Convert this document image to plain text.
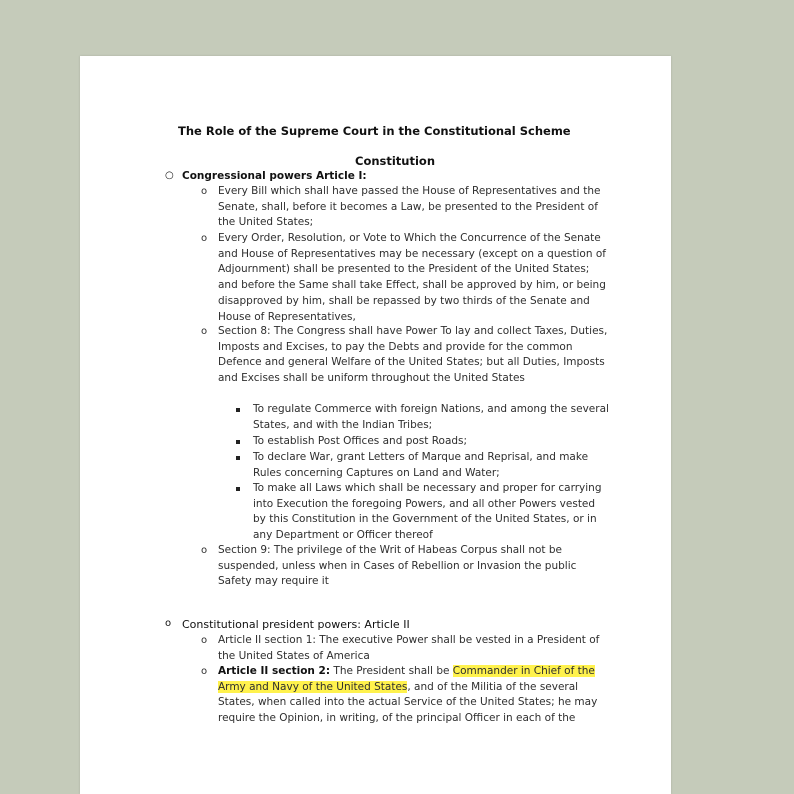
The Role of the Supreme Court in the Constitutional Scheme
Constitution
○ Congressional powers Article I:
o Every Bill which shall have passed the House of Representatives and the Senate, shall, before it becomes a Law, be presented to the President of the United States;
o Every Order, Resolution, or Vote to Which the Concurrence of the Senate and House of Representatives may be necessary (except on a question of Adjournment) shall be presented to the President of the United States; and before the Same shall take Effect, shall be approved by him, or being disapproved by him, shall be repassed by two thirds of the Senate and House of Representatives,
o Section 8: The Congress shall have Power To lay and collect Taxes, Duties, Imposts and Excises, to pay the Debts and provide for the common Defence and general Welfare of the United States; but all Duties, Imposts and Excises shall be uniform throughout the United States
To regulate Commerce with foreign Nations, and among the several States, and with the Indian Tribes;
To establish Post Offices and post Roads;
To declare War, grant Letters of Marque and Reprisal, and make Rules concerning Captures on Land and Water;
To make all Laws which shall be necessary and proper for carrying into Execution the foregoing Powers, and all other Powers vested by this Constitution in the Government of the United States, or in any Department or Officer thereof
o Section 9: The privilege of the Writ of Habeas Corpus shall not be suspended, unless when in Cases of Rebellion or Invasion the public Safety may require it
o Constitutional president powers: Article II
o Article II section 1: The executive Power shall be vested in a President of the United States of America
o Article II section 2: The President shall be Commander in Chief of the Army and Navy of the United States, and of the Militia of the several States, when called into the actual Service of the United States; he may require the Opinion, in writing, of the principal Officer in each of the
